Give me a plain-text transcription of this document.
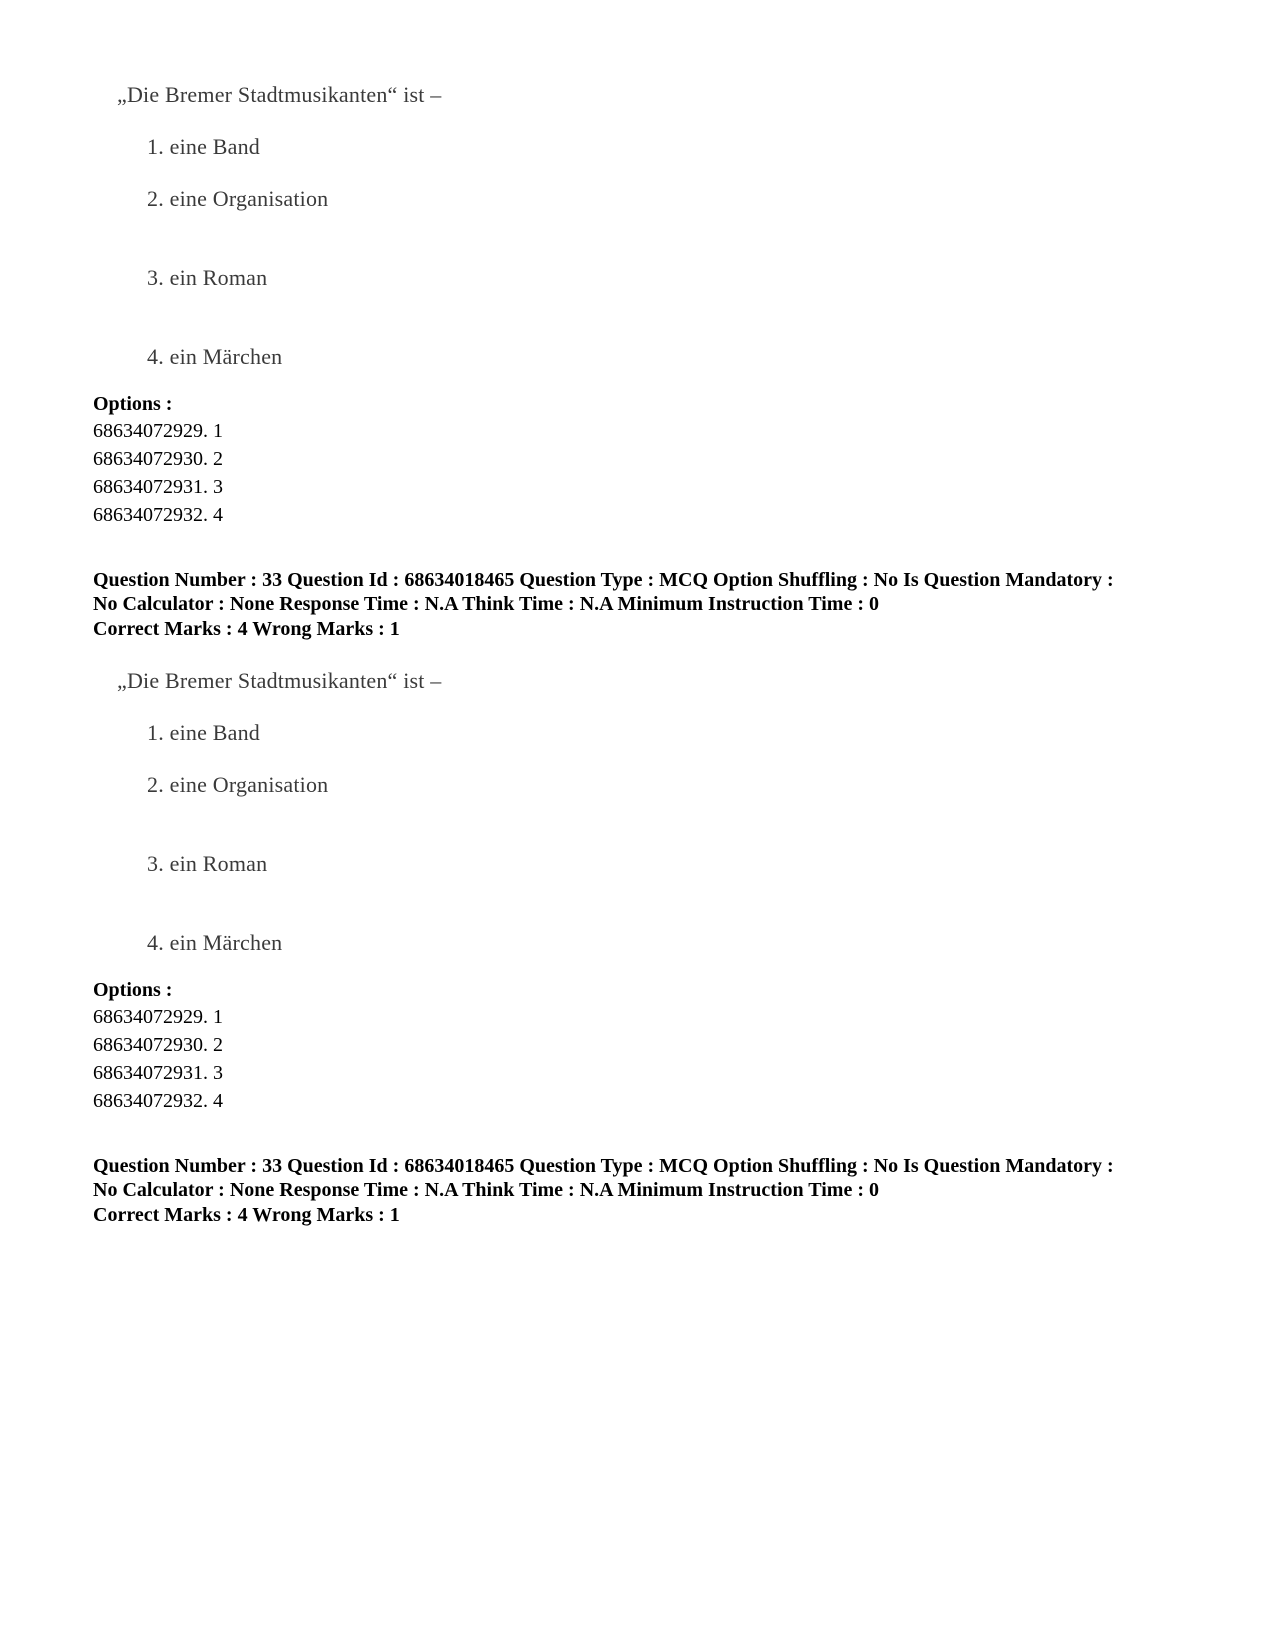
„Die Bremer Stadtmusikanten“ ist –
1. eine Band
2. eine Organisation
3. ein Roman
4. ein Märchen
Options :
68634072929. 1
68634072930. 2
68634072931. 3
68634072932. 4
Question Number : 33 Question Id : 68634018465 Question Type : MCQ Option Shuffling : No Is Question Mandatory :
No Calculator : None Response Time : N.A Think Time : N.A Minimum Instruction Time : 0
Correct Marks : 4 Wrong Marks : 1
„Die Bremer Stadtmusikanten“ ist –
1. eine Band
2. eine Organisation
3. ein Roman
4. ein Märchen
Options :
68634072929. 1
68634072930. 2
68634072931. 3
68634072932. 4
Question Number : 33 Question Id : 68634018465 Question Type : MCQ Option Shuffling : No Is Question Mandatory :
No Calculator : None Response Time : N.A Think Time : N.A Minimum Instruction Time : 0
Correct Marks : 4 Wrong Marks : 1
